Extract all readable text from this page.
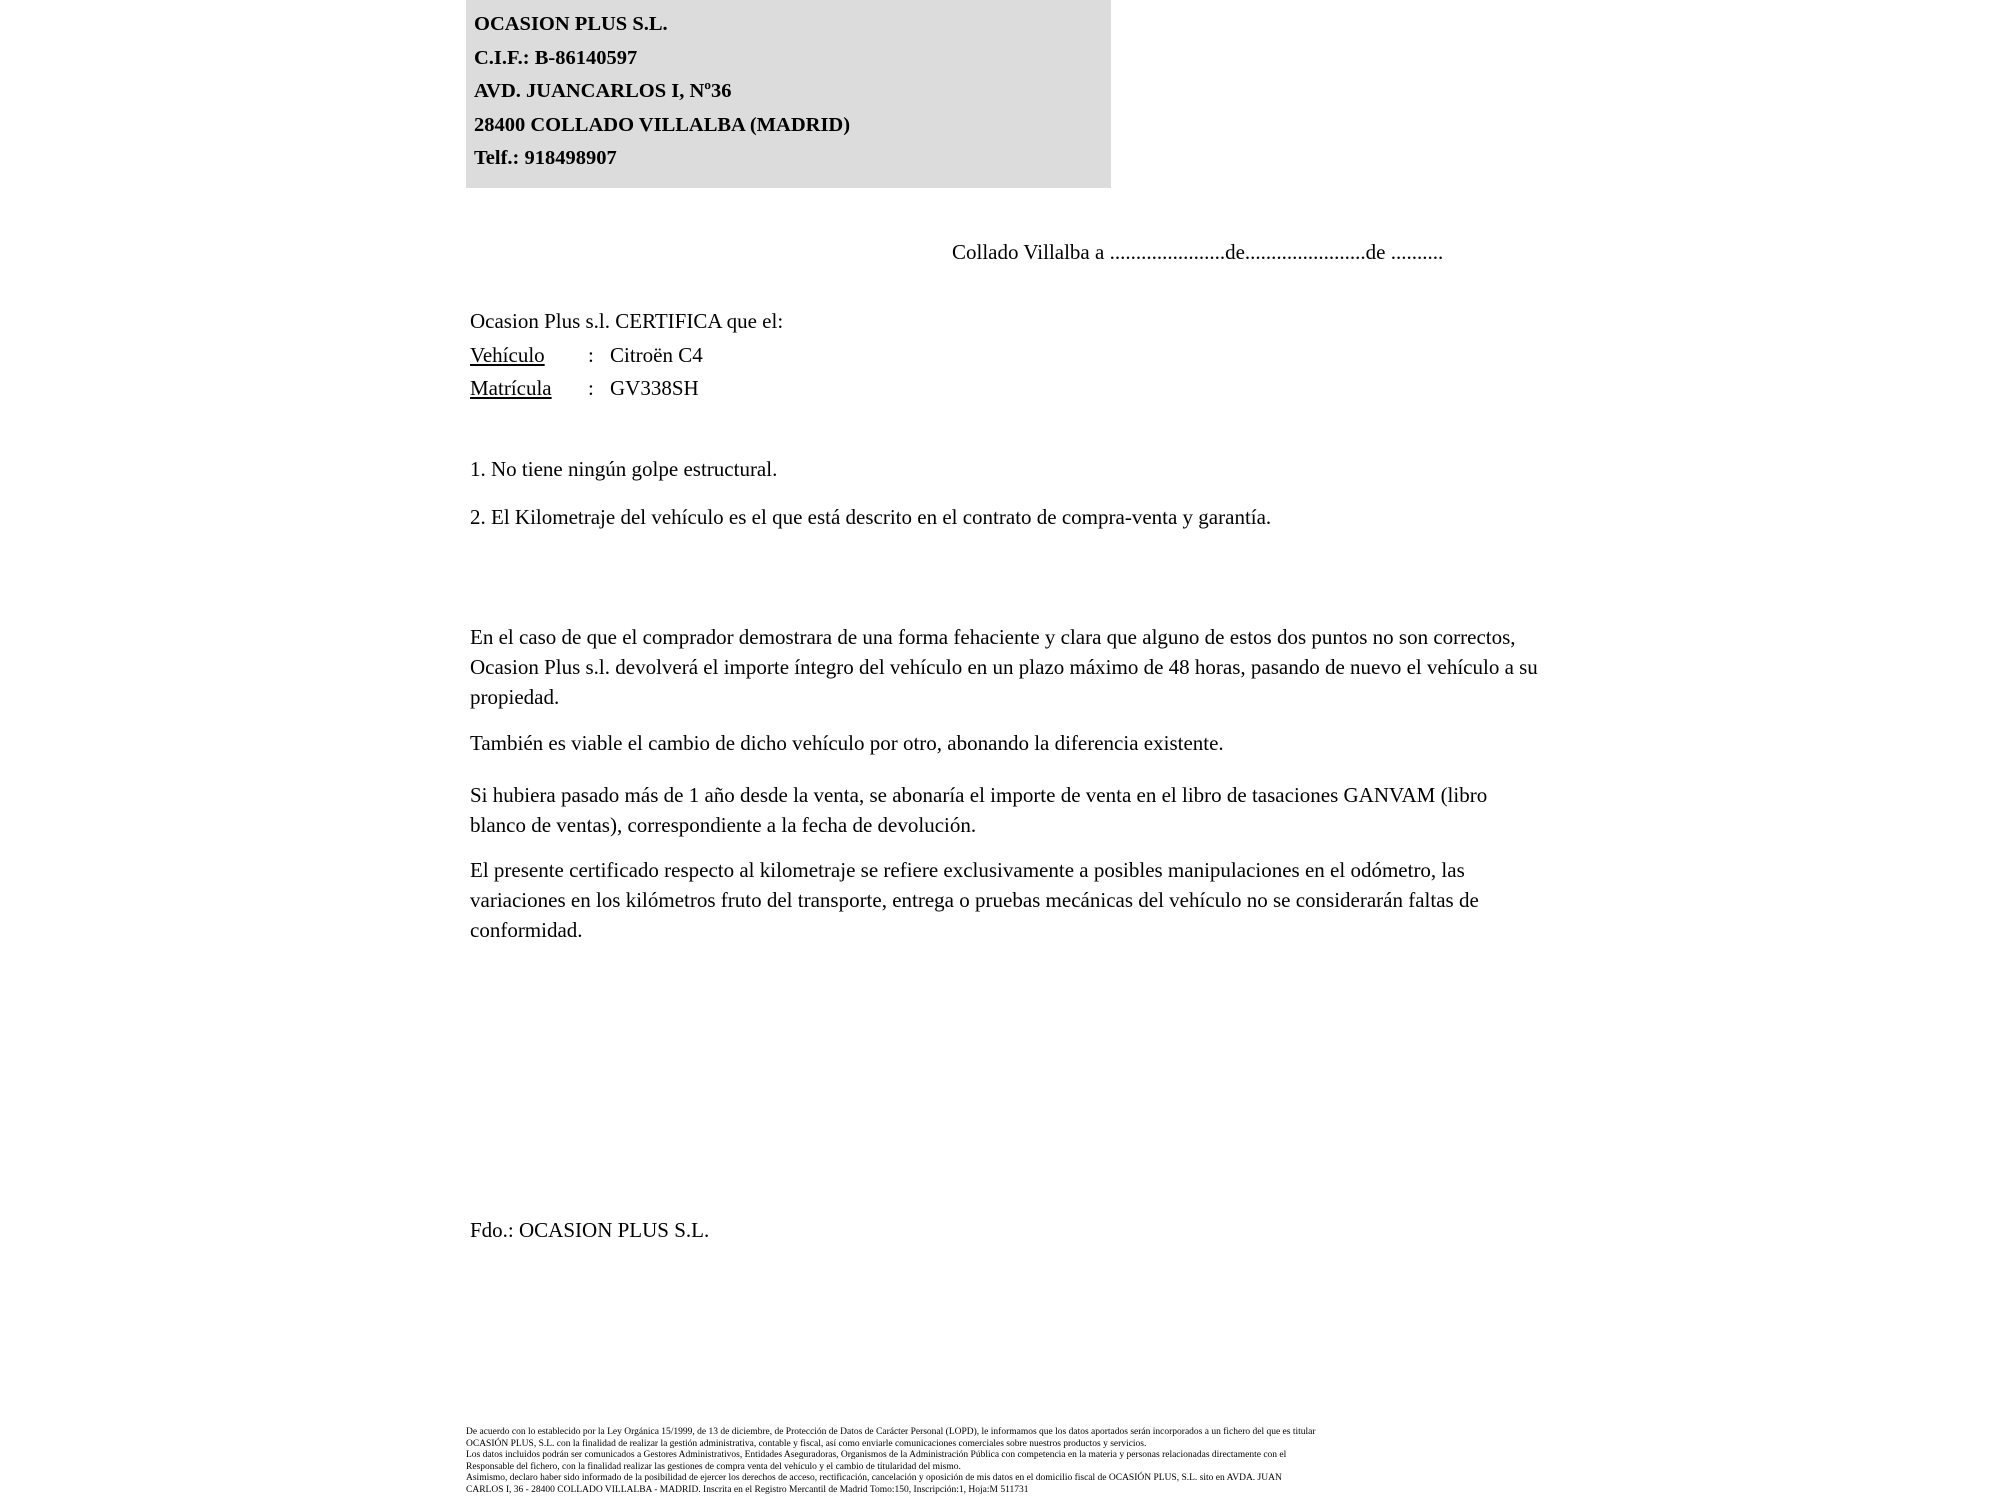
OCASION PLUS S.L.
C.I.F.: B-86140597
AVD. JUANCARLOS I, Nº36
28400 COLLADO VILLALBA (MADRID)
Telf.: 918498907
Collado Villalba a ......................de.......................de ..........
Ocasion Plus s.l. CERTIFICA que el:
Vehículo : Citroën C4
Matrícula : GV338SH
1. No tiene ningún golpe estructural.
2. El Kilometraje del vehículo es el que está descrito en el contrato de compra-venta y garantía.
En el caso de que el comprador demostrara de una forma fehaciente y clara que alguno de estos dos puntos no son correctos, Ocasion Plus s.l. devolverá el importe íntegro del vehículo en un plazo máximo de 48 horas, pasando de nuevo el vehículo a su propiedad.
También es viable el cambio de dicho vehículo por otro, abonando la diferencia existente.
Si hubiera pasado más de 1 año desde la venta, se abonaría el importe de venta en el libro de tasaciones GANVAM (libro blanco de ventas), correspondiente a la fecha de devolución.
El presente certificado respecto al kilometraje se refiere exclusivamente a posibles manipulaciones en el odómetro, las variaciones en los kilómetros fruto del transporte, entrega o pruebas mecánicas del vehículo no se considerarán faltas de conformidad.
Fdo.: OCASION PLUS S.L.

De acuerdo con lo establecido por la Ley Orgánica 15/1999, de 13 de diciembre, de Protección de Datos de Carácter Personal (LOPD), le informamos que los datos aportados serán incorporados a un fichero del que es titular

OCASIÓN PLUS, S.L. con la finalidad de realizar la gestión administrativa, contable y fiscal, así como enviarle comunicaciones comerciales sobre nuestros productos y servicios.

Los datos incluidos podrán ser comunicados a Gestores Administrativos, Entidades Aseguradoras, Organismos de la Administración Pública con competencia en la materia y personas relacionadas directamente con el

Responsable del fichero, con la finalidad realizar las gestiones de compra venta del vehículo y el cambio de titularidad del mismo.

Asimismo, declaro haber sido informado de la posibilidad de ejercer los derechos de acceso, rectificación, cancelación y oposición de mis datos en el domicilio fiscal de OCASIÓN PLUS, S.L. sito en AVDA. JUAN

CARLOS I, 36 - 28400 COLLADO VILLALBA - MADRID. Inscrita en el Registro Mercantil de Madrid Tomo:150, Inscripción:1, Hoja:M 511731
